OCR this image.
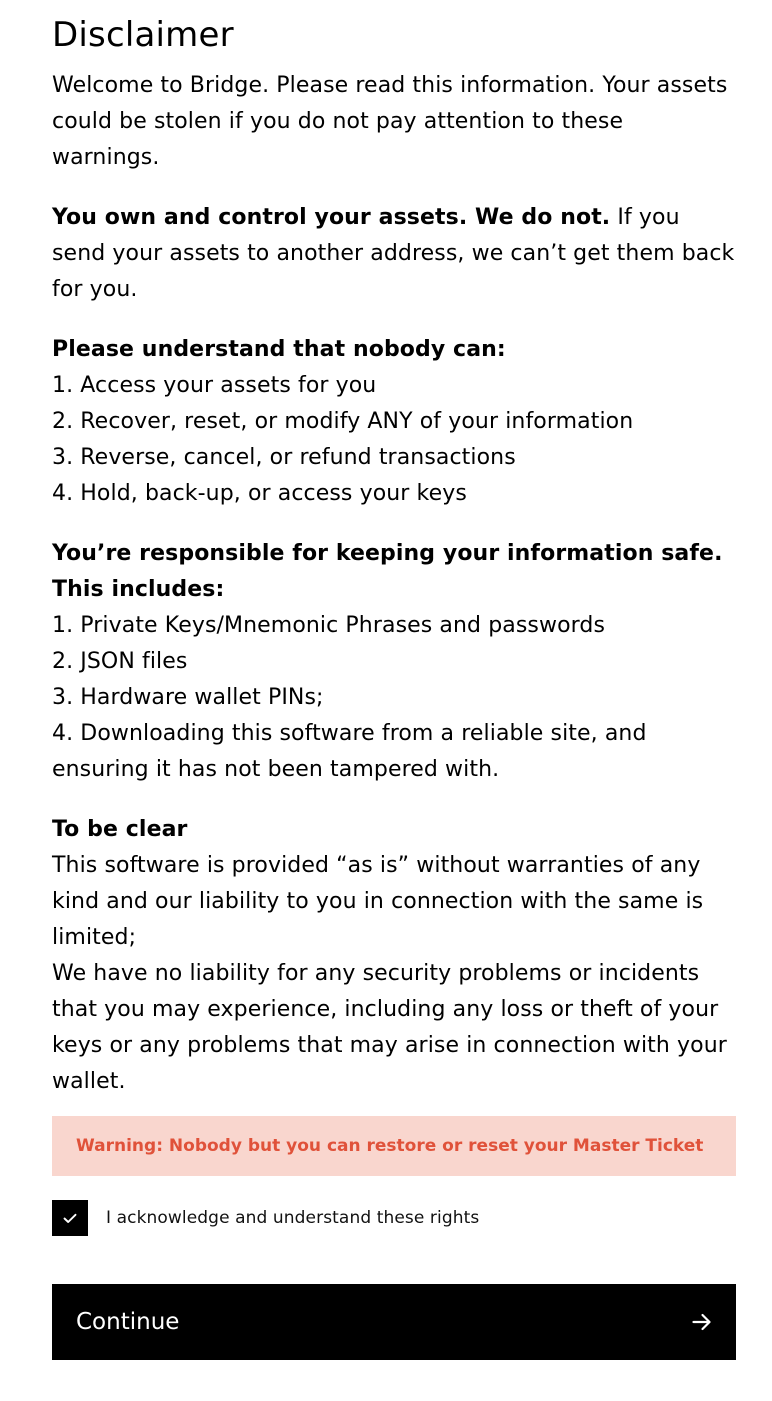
Disclaimer

Welcome to Bridge. Please read this information. Your assets could be stolen if you do not pay attention to these warnings.

You own and control your assets. We do not. If you send your assets to another address, we can’t get them back for you.

Please understand that nobody can:
1. Access your assets for you
2. Recover, reset, or modify ANY of your information
3. Reverse, cancel, or refund transactions
4. Hold, back-up, or access your keys

You’re responsible for keeping your information safe. This includes:
1. Private Keys/Mnemonic Phrases and passwords
2. JSON files
3. Hardware wallet PINs;
4. Downloading this software from a reliable site, and ensuring it has not been tampered with.

To be clear
This software is provided “as is” without warranties of any kind and our liability to you in connection with the same is limited;
We have no liability for any security problems or incidents that you may experience, including any loss or theft of your keys or any problems that may arise in connection with your wallet.

Warning: Nobody but you can restore or reset your Master Ticket
I acknowledge and understand these rights
Continue
